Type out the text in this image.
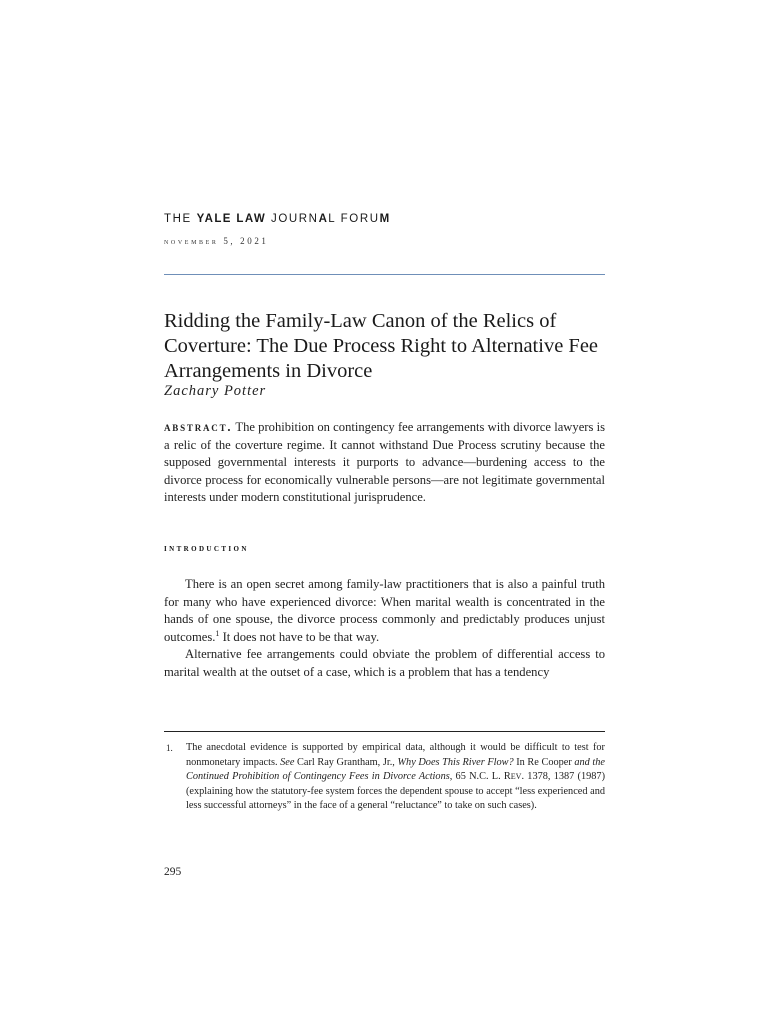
THE YALE LAW JOURNAL FORUM
november 5, 2021
Ridding the Family-Law Canon of the Relics of Coverture: The Due Process Right to Alternative Fee Arrangements in Divorce
Zachary Potter
abstract. The prohibition on contingency fee arrangements with divorce lawyers is a relic of the coverture regime. It cannot withstand Due Process scrutiny because the supposed governmental interests it purports to advance—burdening access to the divorce process for economically vulnerable persons—are not legitimate governmental interests under modern constitutional jurisprudence.
introduction

There is an open secret among family-law practitioners that is also a painful truth for many who have experienced divorce: When marital wealth is concentrated in the hands of one spouse, the divorce process commonly and predictably produces unjust outcomes.$^1$ It does not have to be that way.

Alternative fee arrangements could obviate the problem of differential access to marital wealth at the outset of a case, which is a problem that has a tendency

1. The anecdotal evidence is supported by empirical data, although it would be difficult to test for nonmonetary impacts. See Carl Ray Grantham, Jr., Why Does This River Flow? In Re Cooper and the Continued Prohibition of Contingency Fees in Divorce Actions, 65 N.C. L. REV. 1378, 1387 (1987) (explaining how the statutory-fee system forces the dependent spouse to accept “less experienced and less successful attorneys” in the face of a general “reluctance” to take on such cases).
295
